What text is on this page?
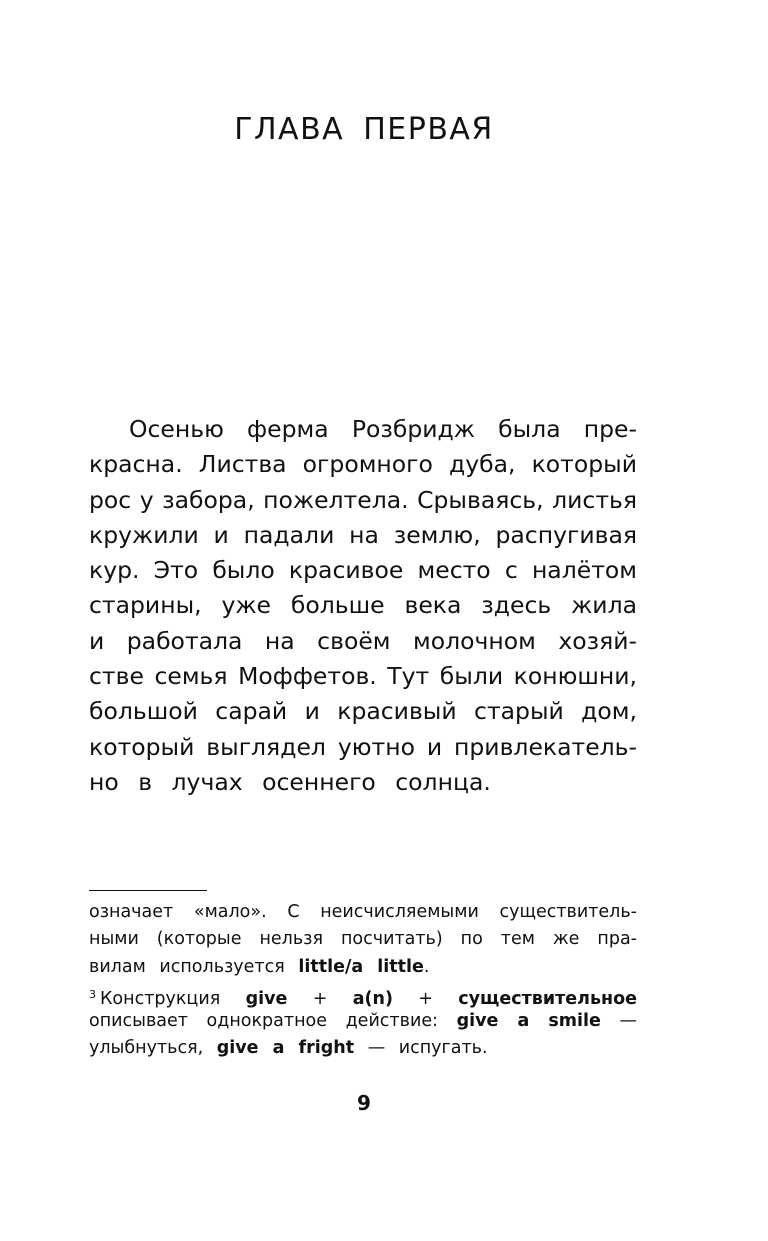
ГЛАВА ПЕРВАЯ
Осенью ферма Розбридж была пре-
красна. Листва огромного дуба, который
рос у забора, пожелтела. Срываясь, листья
кружили и падали на землю, распугивая
кур. Это было красивое место с налётом
старины, уже больше века здесь жила
и работала на своём молочном хозяй-
стве семья Моффетов. Тут были конюшни,
большой сарай и красивый старый дом,
который выглядел уютно и привлекатель-
но в лучах осеннего солнца.
означает «мало». С неисчисляемыми существитель-
ными (которые нельзя посчитать) по тем же пра-
вилам используется little/a little.
$^3$ Конструкция give + a(n) + существительное
описывает однократное действие: give a smile —
улыбнуться, give a fright — испугать.
9
